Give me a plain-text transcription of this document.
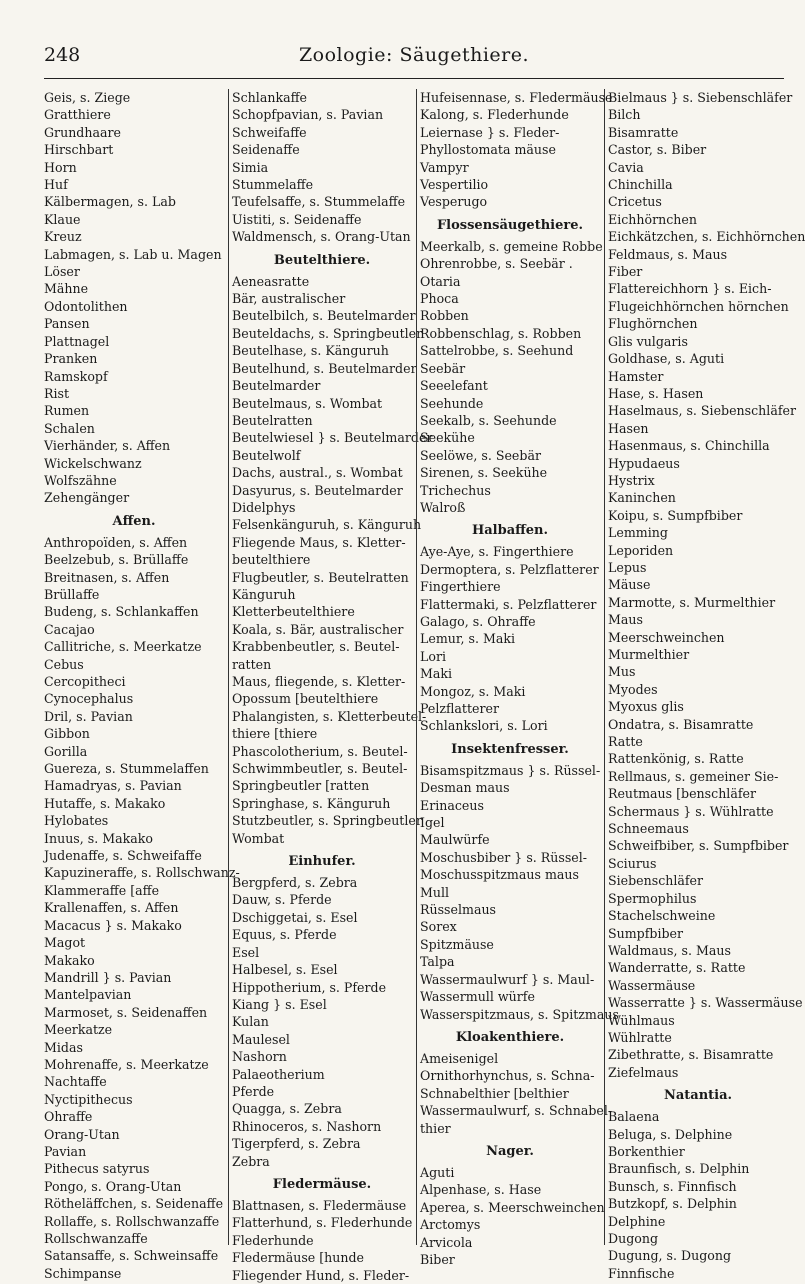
248	Zoologie: Säugethiere.
Geis, s. Ziege
Gratthiere
Grundhaare
Hirschbart
Horn
Huf
Kälbermagen, s. Lab
Klaue
Kreuz
Labmagen, s. Lab u. Magen
Löser
Mähne
Odontolithen
Pansen
Plattnagel
Pranken
Ramskopf
Rist
Rumen
Schalen
Vierhänder, s. Affen
Wickelschwanz
Wolfszähne
Zehengänger
Affen.
Anthropoïden, s. Affen
Beelzebub, s. Brüllaffe
Breitnasen, s. Affen
Brüllaffe
Budeng, s. Schlankaffen
Cacajao
Callitriche, s. Meerkatze
Cebus
Cercopitheci
Cynocephalus
Dril, s. Pavian
Gibbon
Gorilla
Guereza, s. Stummelaffen
Hamadryas, s. Pavian
Hutaffe, s. Makako
Hylobates
Inuus, s. Makako
Judenaffe, s. Schweifaffe
Kapuzineraffe, s. Rollschwanz-
Klammeraffe [affe
Krallenaffen, s. Affen
Macacus } s. Makako
Magot
Makako
Mandrill } s. Pavian
Mantelpavian
Marmoset, s. Seidenaffen
Meerkatze
Midas
Mohrenaffe, s. Meerkatze
Nachtaffe
Nyctipithecus
Ohraffe
Orang-Utan
Pavian
Pithecus satyrus
Pongo, s. Orang-Utan
Rötheläffchen, s. Seidenaffe
Rollaffe, s. Rollschwanzaffe
Rollschwanzaffe
Satansaffe, s. Schweinsaffe
Schimpanse
Schlankaffe
Schopfpavian, s. Pavian
Schweifaffe
Seidenaffe
Simia
Stummelaffe
Teufelsaffe, s. Stummelaffe
Uistiti, s. Seidenaffe
Waldmensch, s. Orang-Utan
Beutelthiere.
Aeneasratte
Bär, australischer
Beutelbilch, s. Beutelmarder
Beuteldachs, s. Springbeutler
Beutelhase, s. Känguruh
Beutelhund, s. Beutelmarder
Beutelmarder
Beutelmaus, s. Wombat
Beutelratten
Beutelwiesel } s. Beutelmarder
Beutelwolf
Dachs, austral., s. Wombat
Dasyurus, s. Beutelmarder
Didelphys
Felsenkänguruh, s. Känguruh
Fliegende Maus, s. Kletter-
beutelthiere
Flugbeutler, s. Beutelratten
Känguruh
Kletterbeutelthiere
Koala, s. Bär, australischer
Krabbenbeutler, s. Beutel-
ratten
Maus, fliegende, s. Kletter-
Opossum [beutelthiere
Phalangisten, s. Kletterbeutel-
thiere [thiere
Phascolotherium, s. Beutel-
Schwimmbeutler, s. Beutel-
Springbeutler [ratten
Springhase, s. Känguruh
Stutzbeutler, s. Springbeutler
Wombat
Einhufer.
Bergpferd, s. Zebra
Dauw, s. Pferde
Dschiggetai, s. Esel
Equus, s. Pferde
Esel
Halbesel, s. Esel
Hippotherium, s. Pferde
Kiang } s. Esel
Kulan
Maulesel
Nashorn
Palaeotherium
Pferde
Quagga, s. Zebra
Rhinoceros, s. Nashorn
Tigerpferd, s. Zebra
Zebra
Fledermäuse.
Blattnasen, s. Fledermäuse
Flatterhund, s. Flederhunde
Flederhunde
Fledermäuse [hunde
Fliegender Hund, s. Fleder-
Hufeisennase, s. Fledermäuse
Kalong, s. Flederhunde
Leiernase } s. Fleder-
Phyllostomata mäuse
Vampyr
Vespertilio
Vesperugo
Flossensäugethiere.
Meerkalb, s. gemeine Robbe
Ohrenrobbe, s. Seebär .
Otaria
Phoca
Robben
Robbenschlag, s. Robben
Sattelrobbe, s. Seehund
Seebär
Seeelefant
Seehunde
Seekalb, s. Seehunde
Seekühe
Seelöwe, s. Seebär
Sirenen, s. Seekühe
Trichechus
Walroß
Halbaffen.
Aye-Aye, s. Fingerthiere
Dermoptera, s. Pelzflatterer
Fingerthiere
Flattermaki, s. Pelzflatterer
Galago, s. Ohraffe
Lemur, s. Maki
Lori
Maki
Mongoz, s. Maki
Pelzflatterer
Schlankslori, s. Lori
Insektenfresser.
Bisamspitzmaus } s. Rüssel-
Desman maus
Erinaceus
Igel
Maulwürfe
Moschusbiber } s. Rüssel-
Moschusspitzmaus maus
Mull
Rüsselmaus
Sorex
Spitzmäuse
Talpa
Wassermaulwurf } s. Maul-
Wassermull würfe
Wasserspitzmaus, s. Spitzmaus
Kloakenthiere.
Ameisenigel
Ornithorhynchus, s. Schna-
Schnabelthier [belthier
Wassermaulwurf, s. Schnabel-
thier
Nager.
Aguti
Alpenhase, s. Hase
Aperea, s. Meerschweinchen
Arctomys
Arvicola
Biber
Bielmaus } s. Siebenschläfer
Bilch
Bisamratte
Castor, s. Biber
Cavia
Chinchilla
Cricetus
Eichhörnchen
Eichkätzchen, s. Eichhörnchen
Feldmaus, s. Maus
Fiber
Flattereichhorn } s. Eich-
Flugeichhörnchen hörnchen
Flughörnchen
Glis vulgaris
Goldhase, s. Aguti
Hamster
Hase, s. Hasen
Haselmaus, s. Siebenschläfer
Hasen
Hasenmaus, s. Chinchilla
Hypudaeus
Hystrix
Kaninchen
Koipu, s. Sumpfbiber
Lemming
Leporiden
Lepus
Mäuse
Marmotte, s. Murmelthier
Maus
Meerschweinchen
Murmelthier
Mus
Myodes
Myoxus glis
Ondatra, s. Bisamratte
Ratte
Rattenkönig, s. Ratte
Rellmaus, s. gemeiner Sie-
Reutmaus [benschläfer
Schermaus } s. Wühlratte
Schneemaus
Schweifbiber, s. Sumpfbiber
Sciurus
Siebenschläfer
Spermophilus
Stachelschweine
Sumpfbiber
Waldmaus, s. Maus
Wanderratte, s. Ratte
Wassermäuse
Wasserratte } s. Wassermäuse
Wühlmaus
Wühlratte
Zibethratte, s. Bisamratte
Ziefelmaus
Natantia.
Balaena
Beluga, s. Delphine
Borkenthier
Braunfisch, s. Delphin
Bunsch, s. Finnfisch
Butzkopf, s. Delphin
Delphine
Dugong
Dugung, s. Dugong
Finnfische
